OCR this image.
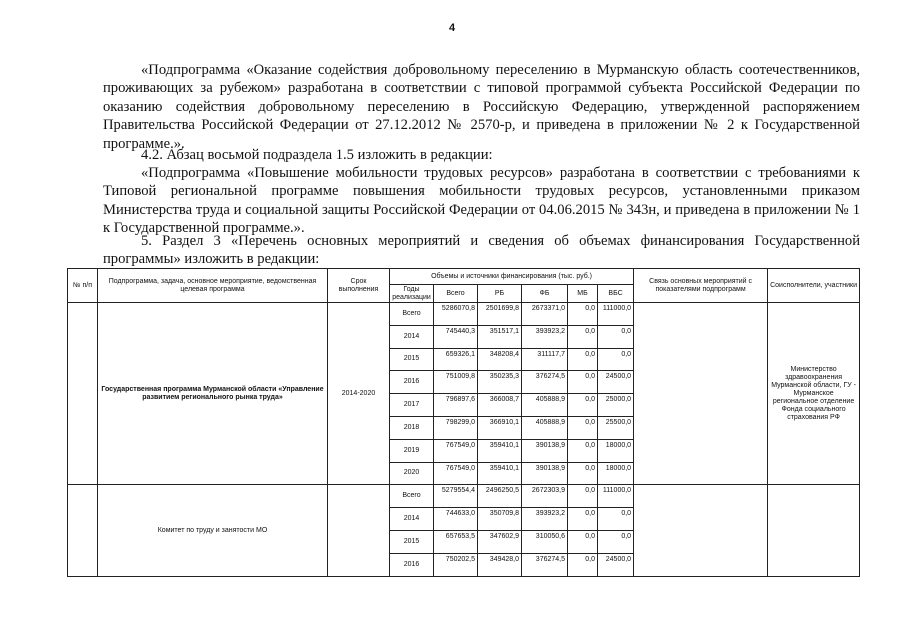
4

«Подпрограмма «Оказание содействия добровольному переселению в Мурманскую область соотечественников, проживающих за рубежом» разработана в соответствии с типовой программой субъекта Российской Федерации по оказанию содействия добровольному переселению в Российскую Федерацию, утвержденной распоряжением Правительства Российской Федерации от 27.12.2012 № 2570-р, и приведена в приложении № 2 к Государственной программе.».

4.2. Абзац восьмой подраздела 1.5 изложить в редакции:

«Подпрограмма «Повышение мобильности трудовых ресурсов» разработана в соответствии с требованиями к Типовой региональной программе повышения мобильности трудовых ресурсов, установленными приказом Министерства труда и социальной защиты Российской Федерации от 04.06.2015 № 343н, и приведена в приложении № 1 к Государственной программе.».

5. Раздел 3 «Перечень основных мероприятий и сведения об объемах финансирования Государственной программы» изложить в редакции:

№ п/п	Подпрограмма, задача, основное мероприятие, ведомственная целевая программа	Срок выполнения	Объемы и источники финансирования (тыс. руб.)						Связь основных мероприятий с показателями подпрограмм	Соисполнители, участники
			Годы реализации	Всего	РБ	ФБ	МБ	ВБС		
	Государственная программа Мурманской области «Управление развитием регионального рынка труда»	2014-2020	Всего	5286070,8	2501699,8	2673371,0	0,0	111000,0		Министерство здравоохранения Мурманской области, ГУ - Мурманское региональное отделение Фонда социального страхования РФ
			2014	745440,3	351517,1	393923,2	0,0	0,0		
			2015	659326,1	348208,4	311117,7	0,0	0,0		
			2016	751009,8	350235,3	376274,5	0,0	24500,0		
			2017	796897,6	366008,7	405888,9	0,0	25000,0		
			2018	798299,0	366910,1	405888,9	0,0	25500,0		
			2019	767549,0	359410,1	390138,9	0,0	18000,0		
			2020	767549,0	359410,1	390138,9	0,0	18000,0		
	Комитет по труду и занятости МО		Всего	5279554,4	2496250,5	2672303,9	0,0	111000,0		
			2014	744633,0	350709,8	393923,2	0,0	0,0		
			2015	657653,5	347602,9	310050,6	0,0	0,0		
			2016	750202,5	349428,0	376274,5	0,0	24500,0		
